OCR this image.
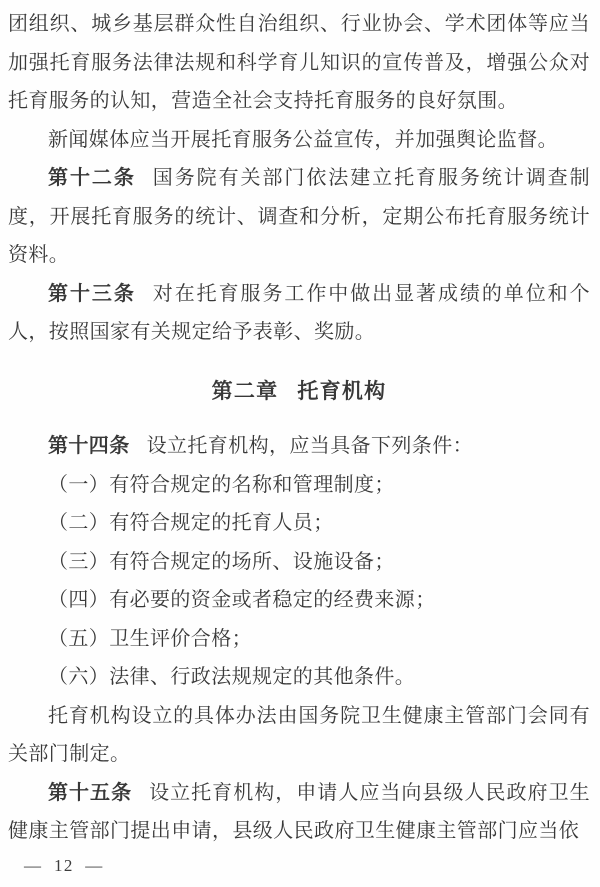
团组织、城乡基层群众性自治组织、行业协会、学术团体等应当加强托育服务法律法规和科学育儿知识的宣传普及，增强公众对托育服务的认知，营造全社会支持托育服务的良好氛围。

新闻媒体应当开展托育服务公益宣传，并加强舆论监督。

第十二条 国务院有关部门依法建立托育服务统计调查制度，开展托育服务的统计、调查和分析，定期公布托育服务统计资料。

第十三条 对在托育服务工作中做出显著成绩的单位和个人，按照国家有关规定给予表彰、奖励。

第二章 托育机构

第十四条 设立托育机构，应当具备下列条件：

（一）有符合规定的名称和管理制度；

（二）有符合规定的托育人员；

（三）有符合规定的场所、设施设备；

（四）有必要的资金或者稳定的经费来源；

（五）卫生评价合格；

（六）法律、行政法规规定的其他条件。

托育机构设立的具体办法由国务院卫生健康主管部门会同有关部门制定。

第十五条 设立托育机构，申请人应当向县级人民政府卫生健康主管部门提出申请，县级人民政府卫生健康主管部门应当依

— 12 —
